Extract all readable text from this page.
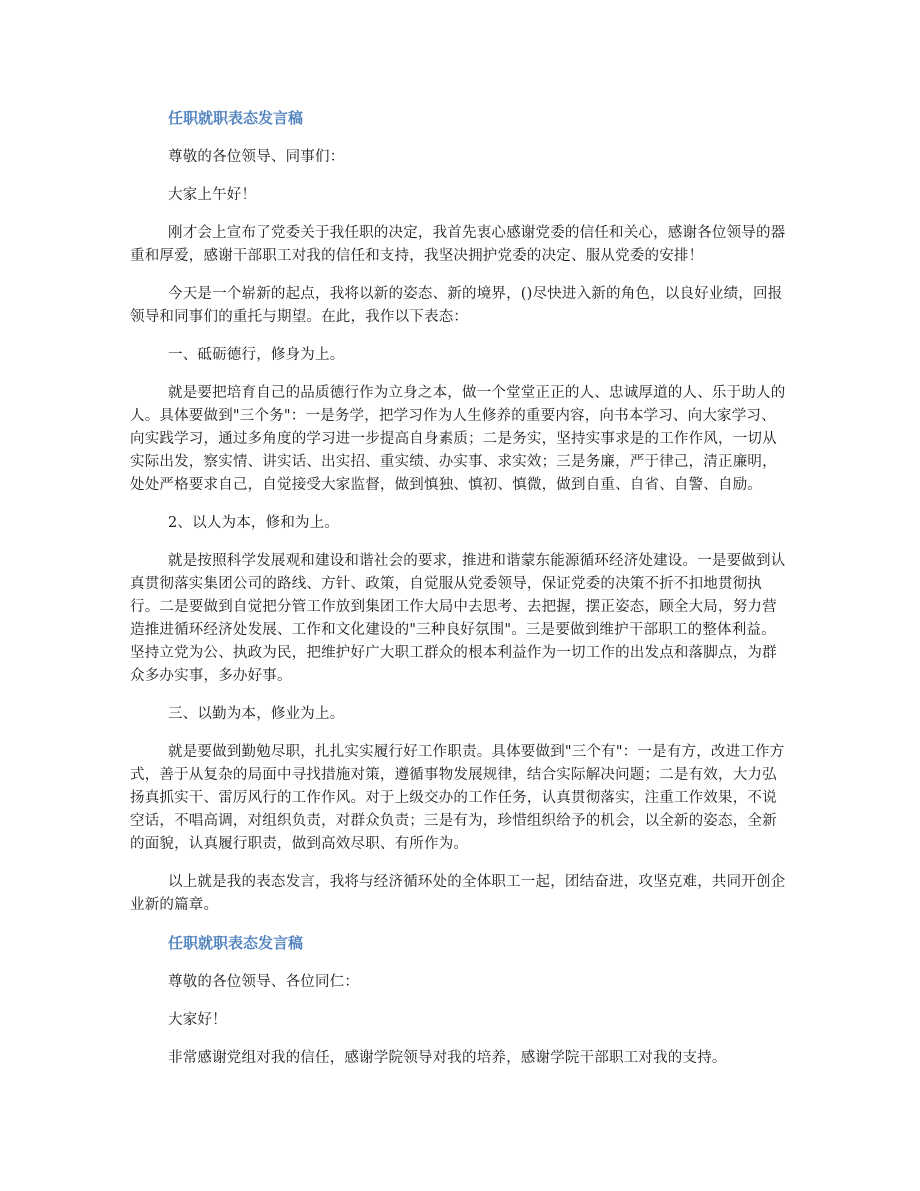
任职就职表态发言稿
尊敬的各位领导、同事们：
大家上午好！
刚才会上宣布了党委关于我任职的决定，我首先衷心感谢党委的信任和关心，感谢各位领导的器重和厚爱，感谢干部职工对我的信任和支持，我坚决拥护党委的决定、服从党委的安排！
今天是一个崭新的起点，我将以新的姿态、新的境界，()尽快进入新的角色，以良好业绩，回报领导和同事们的重托与期望。在此，我作以下表态：
一、砥砺德行，修身为上。
就是要把培育自己的品质德行作为立身之本，做一个堂堂正正的人、忠诚厚道的人、乐于助人的人。具体要做到"三个务"：一是务学，把学习作为人生修养的重要内容，向书本学习、向大家学习、向实践学习，通过多角度的学习进一步提高自身素质；二是务实，坚持实事求是的工作作风，一切从实际出发，察实情、讲实话、出实招、重实绩、办实事、求实效；三是务廉，严于律己，清正廉明，处处严格要求自己，自觉接受大家监督，做到慎独、慎初、慎微，做到自重、自省、自警、自励。
2、以人为本，修和为上。
就是按照科学发展观和建设和谐社会的要求，推进和谐蒙东能源循环经济处建设。一是要做到认真贯彻落实集团公司的路线、方针、政策，自觉服从党委领导，保证党委的决策不折不扣地贯彻执行。二是要做到自觉把分管工作放到集团工作大局中去思考、去把握，摆正姿态，顾全大局，努力营造推进循环经济处发展、工作和文化建设的"三种良好氛围"。三是要做到维护干部职工的整体利益。坚持立党为公、执政为民，把维护好广大职工群众的根本利益作为一切工作的出发点和落脚点，为群众多办实事，多办好事。
三、以勤为本，修业为上。
就是要做到勤勉尽职，扎扎实实履行好工作职责。具体要做到"三个有"：一是有方，改进工作方式，善于从复杂的局面中寻找措施对策，遵循事物发展规律，结合实际解决问题；二是有效，大力弘扬真抓实干、雷厉风行的工作作风。对于上级交办的工作任务，认真贯彻落实，注重工作效果，不说空话，不唱高调，对组织负责，对群众负责；三是有为，珍惜组织给予的机会，以全新的姿态，全新的面貌，认真履行职责，做到高效尽职、有所作为。
以上就是我的表态发言，我将与经济循环处的全体职工一起，团结奋进，攻坚克难，共同开创企业新的篇章。
任职就职表态发言稿
尊敬的各位领导、各位同仁：
大家好！
非常感谢党组对我的信任，感谢学院领导对我的培养，感谢学院干部职工对我的支持。
